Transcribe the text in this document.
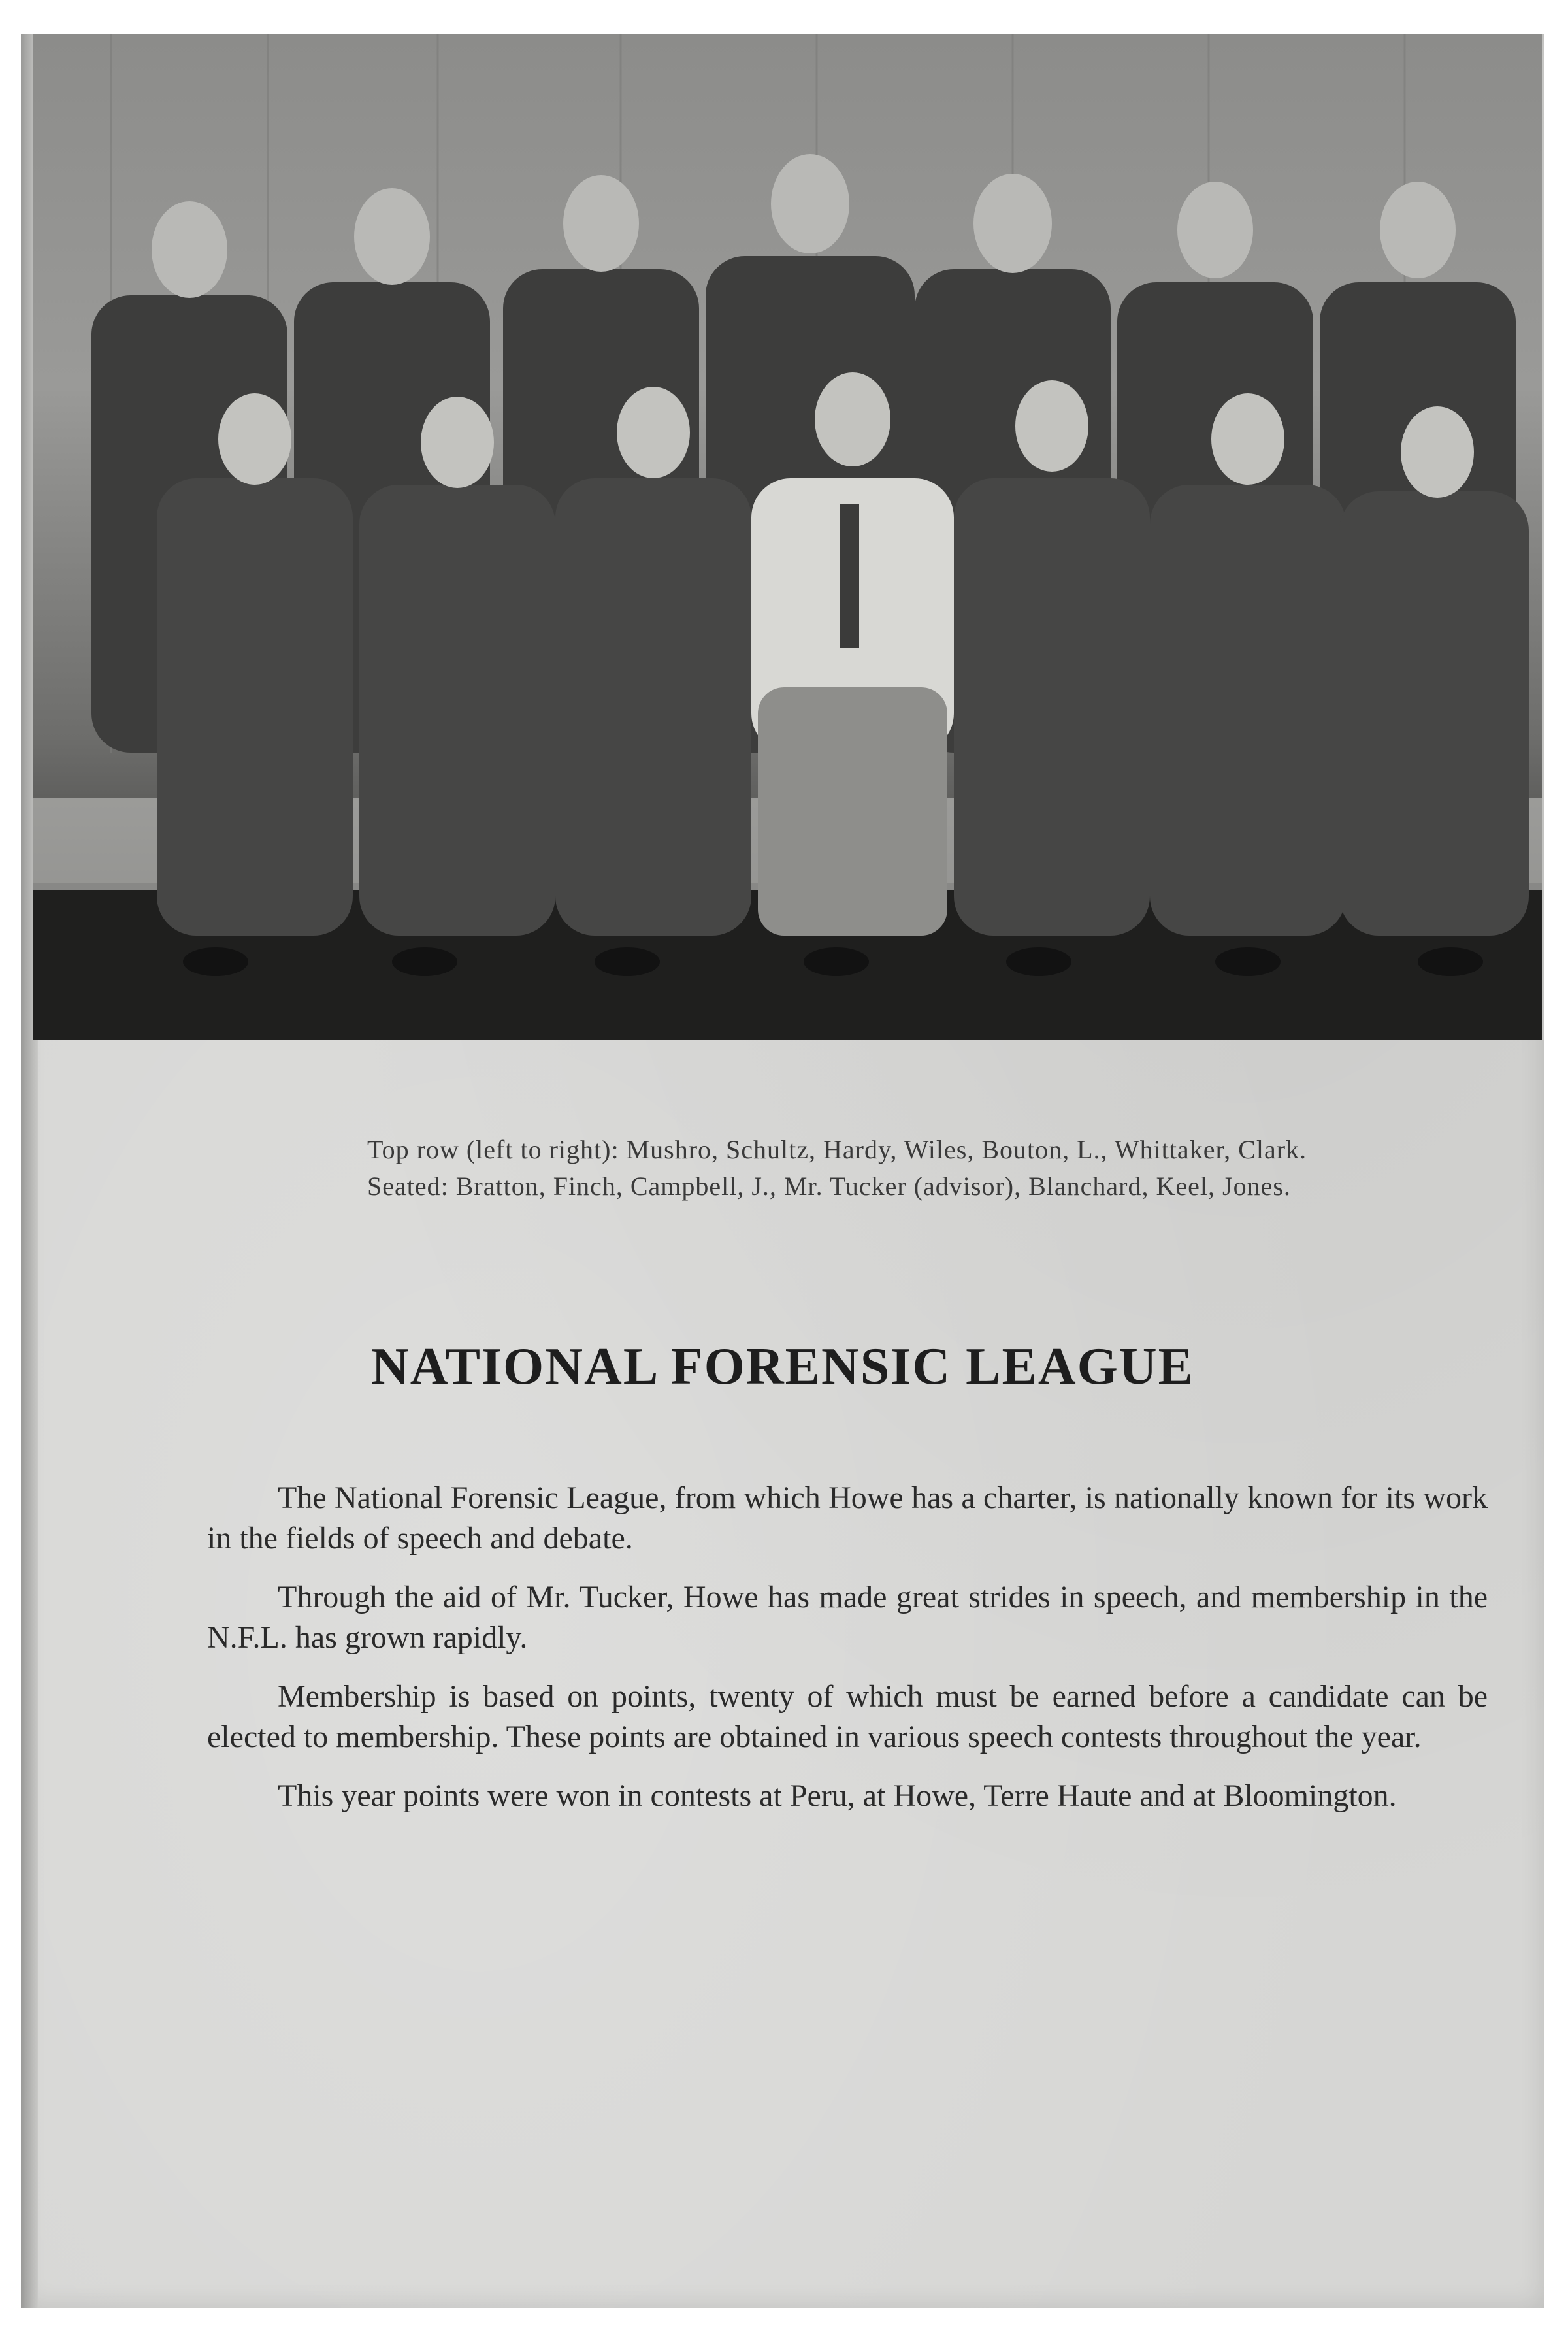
Top row (left to right): Mushro, Schultz, Hardy, Wiles, Bouton, L., Whittaker, Clark.

Seated: Bratton, Finch, Campbell, J., Mr. Tucker (advisor), Blanchard, Keel, Jones.

NATIONAL FORENSIC LEAGUE

The National Forensic League, from which Howe has a charter, is nationally known for its work in the fields of speech and debate.

Through the aid of Mr. Tucker, Howe has made great strides in speech, and membership in the N.F.L. has grown rapidly.

Membership is based on points, twenty of which must be earned before a candidate can be elected to membership. These points are obtained in various speech contests throughout the year.

This year points were won in contests at Peru, at Howe, Terre Haute and at Bloomington.
